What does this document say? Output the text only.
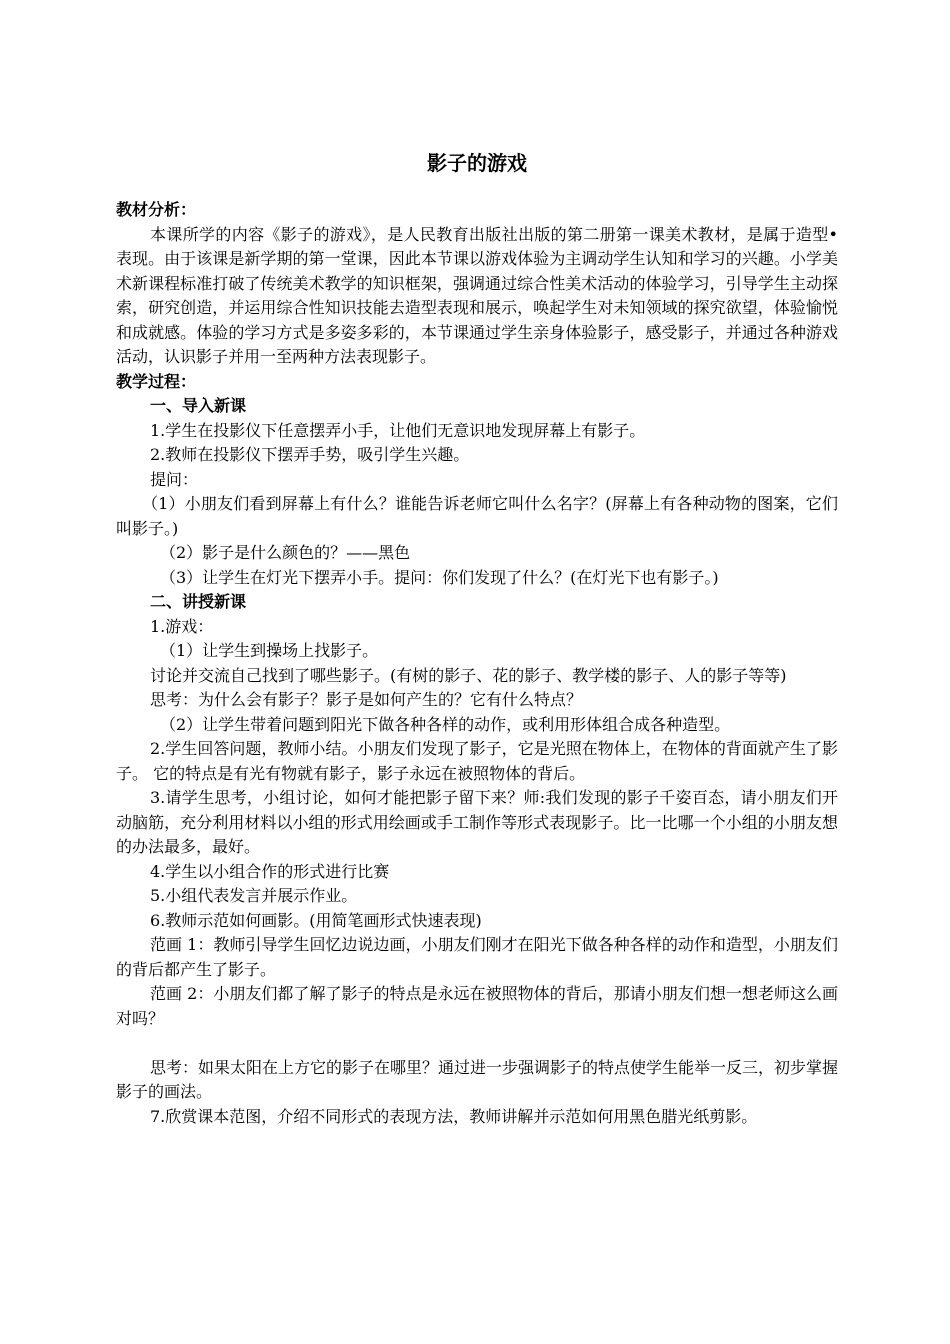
影子的游戏
教材分析：
本课所学的内容《影子的游戏》，是人民教育出版社出版的第二册第一课美术教材，是属于造型•表现。由于该课是新学期的第一堂课，因此本节课以游戏体验为主调动学生认知和学习的兴趣。小学美术新课程标准打破了传统美术教学的知识框架，强调通过综合性美术活动的体验学习，引导学生主动探索，研究创造，并运用综合性知识技能去造型表现和展示，唤起学生对未知领域的探究欲望，体验愉悦和成就感。体验的学习方式是多姿多彩的，本节课通过学生亲身体验影子，感受影子，并通过各种游戏活动，认识影子并用一至两种方法表现影子。
教学过程：
一、导入新课
1.学生在投影仪下任意摆弄小手，让他们无意识地发现屏幕上有影子。
2.教师在投影仪下摆弄手势，吸引学生兴趣。
提问：
（1）小朋友们看到屏幕上有什么？谁能告诉老师它叫什么名字？(屏幕上有各种动物的图案，它们叫影子。)
（2）影子是什么颜色的？——黑色
（3）让学生在灯光下摆弄小手。提问：你们发现了什么？(在灯光下也有影子。)
二、讲授新课
1.游戏：
（1）让学生到操场上找影子。
讨论并交流自己找到了哪些影子。(有树的影子、花的影子、教学楼的影子、人的影子等等)
思考：为什么会有影子？影子是如何产生的？它有什么特点？
（2）让学生带着问题到阳光下做各种各样的动作，或利用形体组合成各种造型。
2.学生回答问题，教师小结。小朋友们发现了影子，它是光照在物体上，在物体的背面就产生了影子。 它的特点是有光有物就有影子，影子永远在被照物体的背后。
3.请学生思考，小组讨论，如何才能把影子留下来？师:我们发现的影子千姿百态，请小朋友们开动脑筋，充分利用材料以小组的形式用绘画或手工制作等形式表现影子。比一比哪一个小组的小朋友想的办法最多，最好。
4.学生以小组合作的形式进行比赛
5.小组代表发言并展示作业。
6.教师示范如何画影。(用简笔画形式快速表现)
范画 1：教师引导学生回忆边说边画，小朋友们刚才在阳光下做各种各样的动作和造型，小朋友们的背后都产生了影子。
范画 2：小朋友们都了解了影子的特点是永远在被照物体的背后，那请小朋友们想一想老师这么画对吗？
思考：如果太阳在上方它的影子在哪里？通过进一步强调影子的特点使学生能举一反三，初步掌握影子的画法。
7.欣赏课本范图，介绍不同形式的表现方法，教师讲解并示范如何用黑色腊光纸剪影。
